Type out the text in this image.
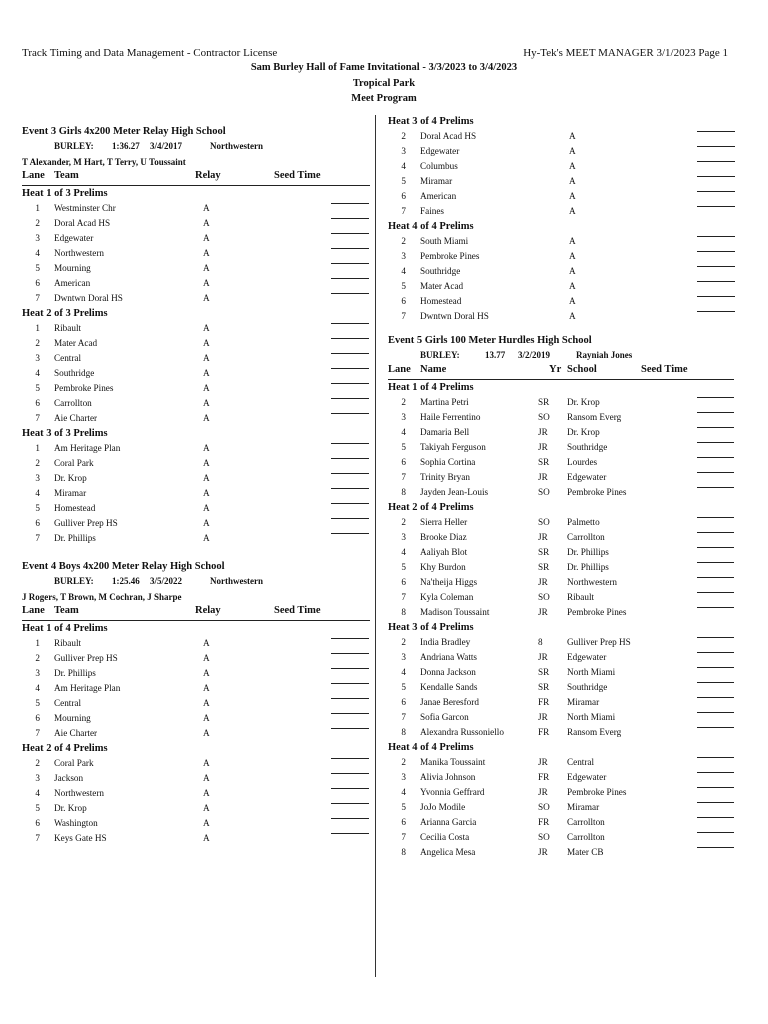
Track Timing and Data Management - Contractor License	Hy-Tek's MEET MANAGER 3/1/2023 Page 1
Sam Burley Hall of Fame Invitational - 3/3/2023 to 3/4/2023
Tropical Park
Meet Program
Event 3 Girls 4x200 Meter Relay High School
BURLEY: 1:36.27 3/4/2017	Northwestern
T Alexander, M Hart, T Terry, U Toussaint
Lane Team	Relay	Seed Time
Heat 1 of 3 Prelims
1 Westminster Chr	A
2 Doral Acad HS	A
3 Edgewater	A
4 Northwestern	A
5 Mourning	A
6 American	A
7 Dwntwn Doral HS	A
Heat 2 of 3 Prelims
1 Ribault	A
2 Mater Acad	A
3 Central	A
4 Southridge	A
5 Pembroke Pines	A
6 Carrollton	A
7 Aie Charter	A
Heat 3 of 3 Prelims
1 Am Heritage Plan	A
2 Coral Park	A
3 Dr. Krop	A
4 Miramar	A
5 Homestead	A
6 Gulliver Prep HS	A
7 Dr. Phillips	A
Event 4 Boys 4x200 Meter Relay High School
BURLEY: 1:25.46 3/5/2022	Northwestern
J Rogers, T Brown, M Cochran, J Sharpe
Lane Team	Relay	Seed Time
Heat 1 of 4 Prelims
1 Ribault	A
2 Gulliver Prep HS	A
3 Dr. Phillips	A
4 Am Heritage Plan	A
5 Central	A
6 Mourning	A
7 Aie Charter	A
Heat 2 of 4 Prelims
2 Coral Park	A
3 Jackson	A
4 Northwestern	A
5 Dr. Krop	A
6 Washington	A
7 Keys Gate HS	A
Heat 3 of 4 Prelims
2 Doral Acad HS	A
3 Edgewater	A
4 Columbus	A
5 Miramar	A
6 American	A
7 Faines	A
Heat 4 of 4 Prelims
2 South Miami	A
3 Pembroke Pines	A
4 Southridge	A
5 Mater Acad	A
6 Homestead	A
7 Dwntwn Doral HS	A
Event 5 Girls 100 Meter Hurdles High School
BURLEY:	13.77 3/2/2019	Rayniah Jones
Lane Name	Yr School	Seed Time
Heat 1 of 4 Prelims
2 Martina Petri	SR Dr. Krop
3 Haile Ferrentino	SO Ransom Everg
4 Damaria Bell	JR Dr. Krop
5 Takiyah Ferguson	JR Southridge
6 Sophia Cortina	SR Lourdes
7 Trinity Bryan	JR Edgewater
8 Jayden Jean-Louis	SO Pembroke Pines
Heat 2 of 4 Prelims
2 Sierra Heller	SO Palmetto
3 Brooke Diaz	JR Carrollton
4 Aaliyah Blot	SR Dr. Phillips
5 Khy Burdon	SR Dr. Phillips
6 Na'theija Higgs	JR Northwestern
7 Kyla Coleman	SO Ribault
8 Madison Toussaint	JR Pembroke Pines
Heat 3 of 4 Prelims
2 India Bradley	8	Gulliver Prep HS
3 Andriana Watts	JR Edgewater
4 Donna Jackson	SR North Miami
5 Kendalle Sands	SR Southridge
6 Janae Beresford	FR Miramar
7 Sofia Garcon	JR North Miami
8 Alexandra Russoniello	FR Ransom Everg
Heat 4 of 4 Prelims
2 Manika Toussaint	JR Central
3 Alivia Johnson	FR Edgewater
4 Yvonnia Geffrard	JR Pembroke Pines
5 JoJo Modile	SO Miramar
6 Arianna Garcia	FR Carrollton
7 Cecilia Costa	SO Carrollton
8 Angelica Mesa	JR Mater CB
